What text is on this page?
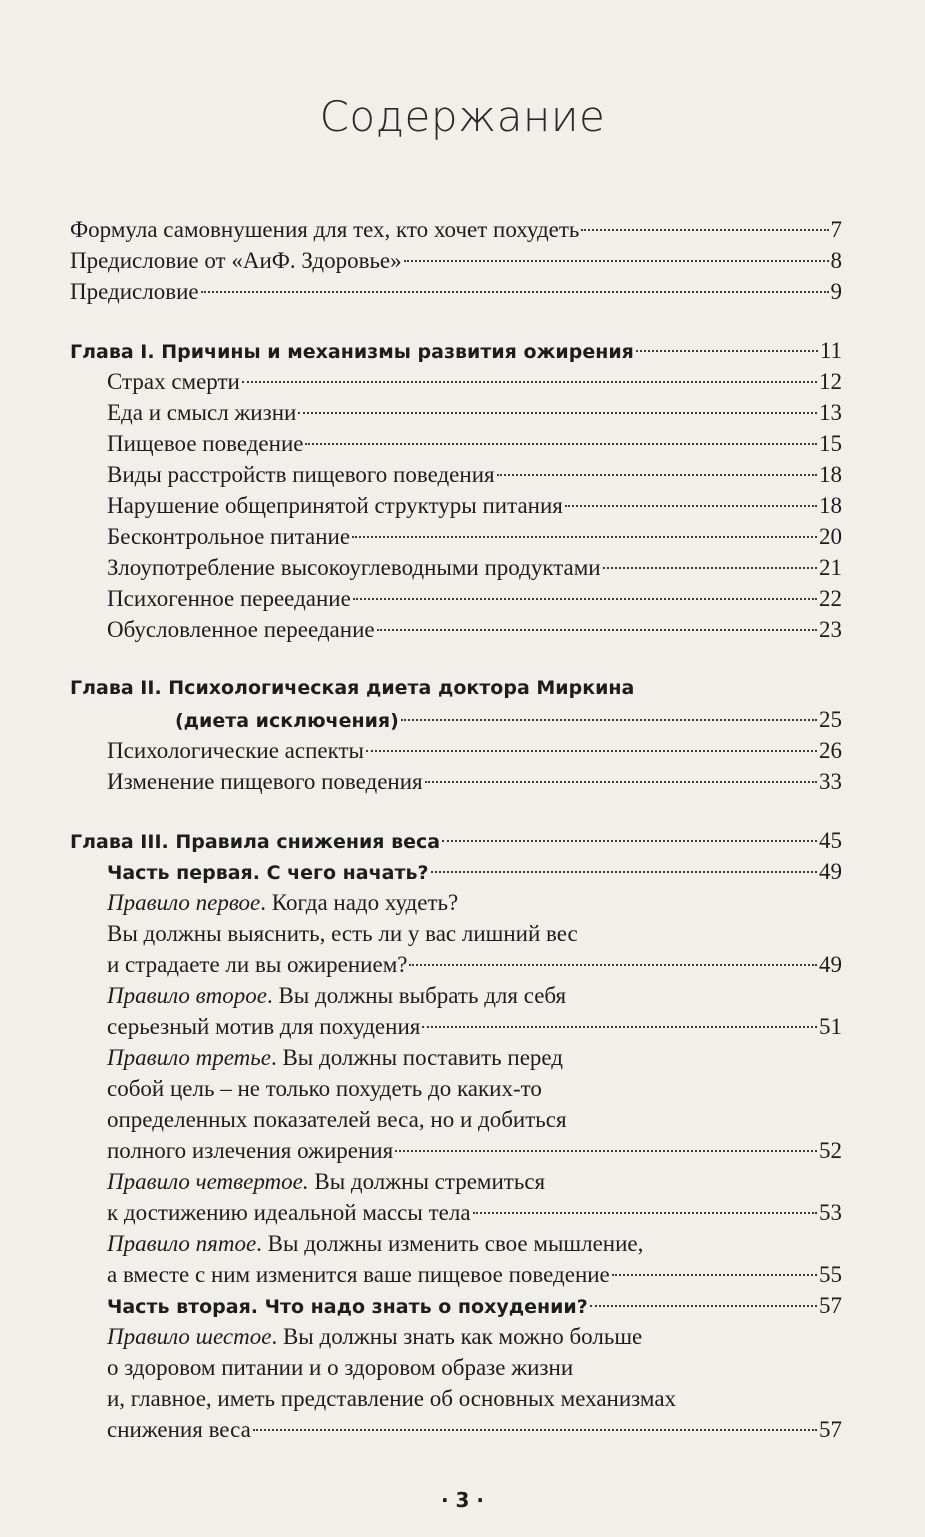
Содержание
Формула самовнушения для тех, кто хочет похудеть	7
Предисловие от «АиФ. Здоровье»	8
Предисловие	9
Глава I. Причины и механизмы развития ожирения	11
Страх смерти	12
Еда и смысл жизни	13
Пищевое поведение	15
Виды расстройств пищевого поведения	18
Нарушение общепринятой структуры питания	18
Бесконтрольное питание	20
Злоупотребление высокоуглеводными продуктами	21
Психогенное переедание	22
Обусловленное переедание	23
Глава II. Психологическая диета доктора Миркина
(диета исключения)	25
Психологические аспекты	26
Изменение пищевого поведения	33
Глава III. Правила снижения веса	45
Часть первая. С чего начать?	49
Правило первое. Когда надо худеть?
Вы должны выяснить, есть ли у вас лишний вес
и страдаете ли вы ожирением?	49
Правило второе. Вы должны выбрать для себя
серьезный мотив для похудения	51
Правило третье. Вы должны поставить перед
собой цель – не только похудеть до каких-то
определенных показателей веса, но и добиться
полного излечения ожирения	52
Правило четвертое. Вы должны стремиться
к достижению идеальной массы тела	53
Правило пятое. Вы должны изменить свое мышление,
а вместе с ним изменится ваше пищевое поведение	55
Часть вторая. Что надо знать о похудении?	57
Правило шестое. Вы должны знать как можно больше
о здоровом питании и о здоровом образе жизни
и, главное, иметь представление об основных механизмах
снижения веса	57
· 3 ·
